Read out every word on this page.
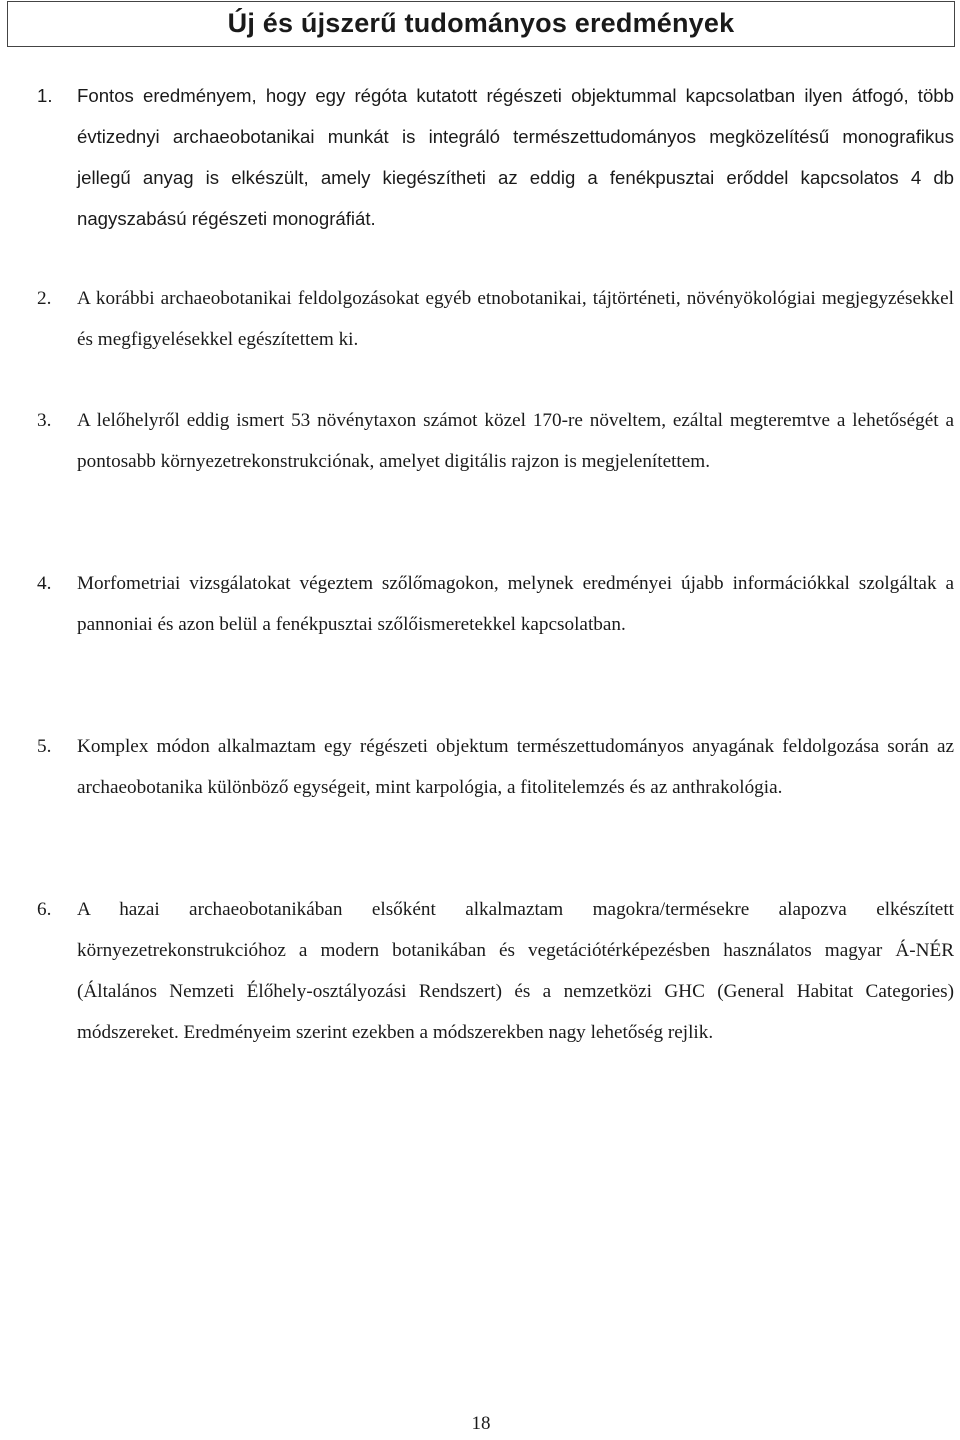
Új és újszerű tudományos eredmények
1.	Fontos eredményem, hogy egy régóta kutatott régészeti objektummal kapcsolatban ilyen átfogó, több évtizednyi archaeobotanikai munkát is integráló természettudományos megközelítésű monografikus jellegű anyag is elkészült, amely kiegészítheti az eddig a fenékpusztai erőddel kapcsolatos 4 db nagyszabású régészeti monográfiát.
2.	A korábbi archaeobotanikai feldolgozásokat egyéb etnobotanikai, tájtörténeti, növényökológiai megjegyzésekkel és megfigyelésekkel egészítettem ki.
3.	A lelőhelyről eddig ismert 53 növénytaxon számot közel 170-re növeltem, ezáltal megteremtve a lehetőségét a pontosabb környezetrekonstrukciónak, amelyet digitális rajzon is megjelenítettem.
4.	Morfometriai vizsgálatokat végeztem szőlőmagokon, melynek eredményei újabb információkkal szolgáltak a pannoniai és azon belül a fenékpusztai szőlőismeretekkel kapcsolatban.
5.	Komplex módon alkalmaztam egy régészeti objektum természettudományos anyagának feldolgozása során az archaeobotanika különböző egységeit, mint karpológia, a fitolitelemzés és az anthrakológia.
6.	A hazai archaeobotanikában elsőként alkalmaztam magokra/termésekre alapozva elkészített környezetrekonstrukcióhoz a modern botanikában és vegetációtérképezésben használatos magyar Á-NÉR (Általános Nemzeti Élőhely-osztályozási Rendszert) és a nemzetközi GHC (General Habitat Categories) módszereket. Eredményeim szerint ezekben a módszerekben nagy lehetőség rejlik.
18
